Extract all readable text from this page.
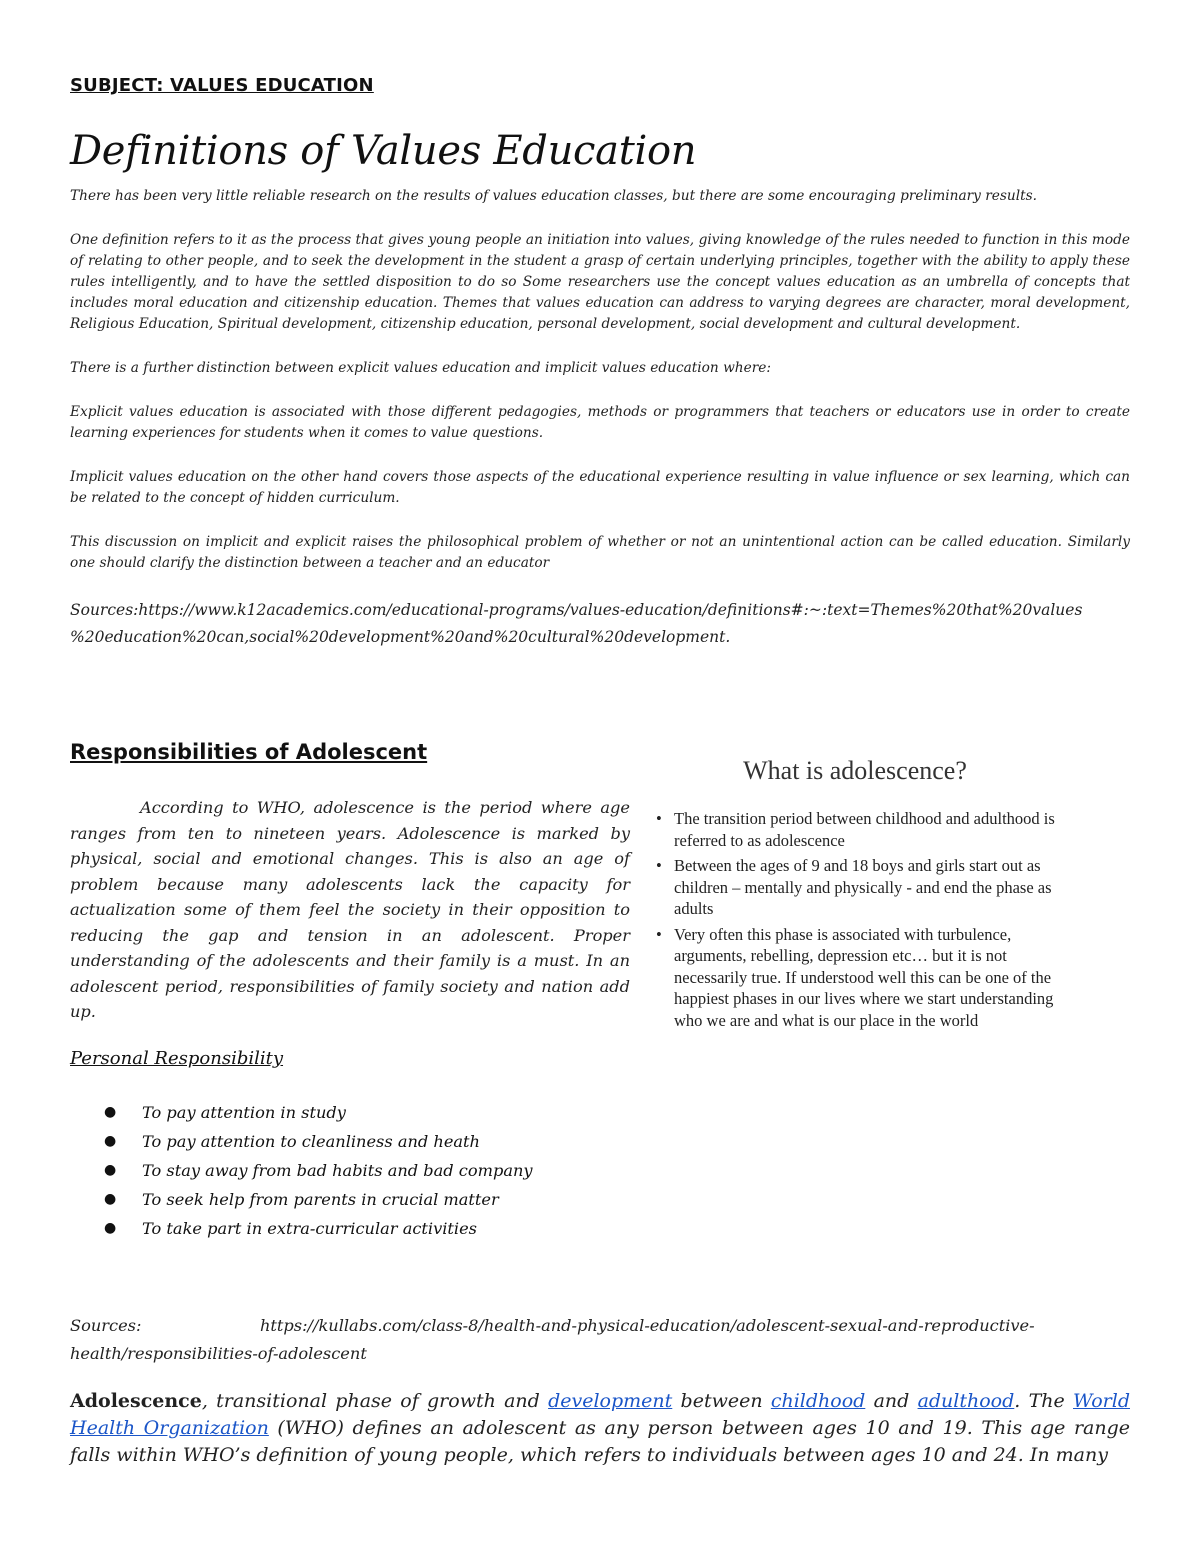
SUBJECT: VALUES EDUCATION
Definitions of Values Education

There has been very little reliable research on the results of values education classes, but there are some encouraging preliminary results.

One definition refers to it as the process that gives young people an initiation into values, giving knowledge of the rules needed to function in this mode of relating to other people, and to seek the development in the student a grasp of certain underlying principles, together with the ability to apply these rules intelligently, and to have the settled disposition to do so Some researchers use the concept values education as an umbrella of concepts that includes moral education and citizenship education. Themes that values education can address to varying degrees are character, moral development, Religious Education, Spiritual development, citizenship education, personal development, social development and cultural development.

There is a further distinction between explicit values education and implicit values education where:

Explicit values education is associated with those different pedagogies, methods or programmers that teachers or educators use in order to create learning experiences for students when it comes to value questions.

Implicit values education on the other hand covers those aspects of the educational experience resulting in value influence or sex learning, which can be related to the concept of hidden curriculum.

This discussion on implicit and explicit raises the philosophical problem of whether or not an unintentional action can be called education. Similarly one should clarify the distinction between a teacher and an educator

Sources:https://www.k12academics.com/educational-programs/values-education/definitions#:~:text=Themes%20that%20values %20education%20can,social%20development%20and%20cultural%20development.

Responsibilities of Adolescent

According to WHO, adolescence is the period where age ranges from ten to nineteen years. Adolescence is marked by physical, social and emotional changes. This is also an age of problem because many adolescents lack the capacity for actualization some of them feel the society in their opposition to reducing the gap and tension in an adolescent. Proper understanding of the adolescents and their family is a must. In an adolescent period, responsibilities of family society and nation add up.

Personal Responsibility
● To pay attention in study
● To pay attention to cleanliness and heath
● To stay away from bad habits and bad company
● To seek help from parents in crucial matter
● To take part in extra-curricular activities
What is adolescence?
• The transition period between childhood and adulthood is referred to as adolescence
• Between the ages of 9 and 18 boys and girls start out as children – mentally and physically - and end the phase as adults
• Very often this phase is associated with turbulence, arguments, rebelling, depression etc… but it is not necessarily true. If understood well this can be one of the happiest phases in our lives where we start understanding who we are and what is our place in the world
Sources:	https://kullabs.com/class-8/health-and-physical-education/adolescent-sexual-and-reproductive-health/responsibilities-of-adolescent
Adolescence, transitional phase of growth and development between childhood and adulthood. The World Health Organization (WHO) defines an adolescent as any person between ages 10 and 19. This age range falls within WHO’s definition of young people, which refers to individuals between ages 10 and 24. In many
